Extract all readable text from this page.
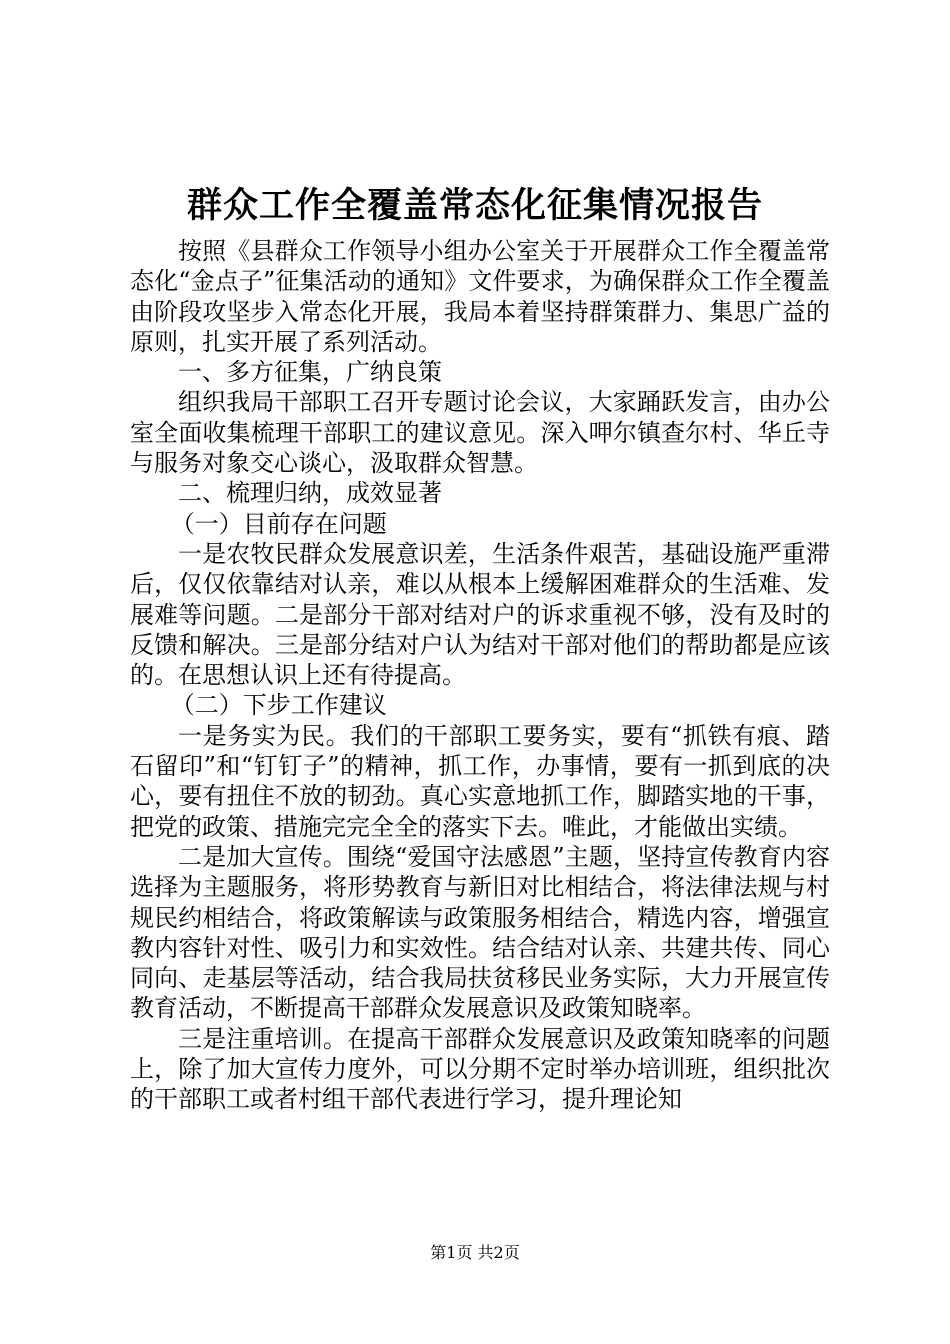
群众工作全覆盖常态化征集情况报告

按照《县群众工作领导小组办公室关于开展群众工作全覆盖常态化“金点子”征集活动的通知》文件要求，为确保群众工作全覆盖由阶段攻坚步入常态化开展，我局本着坚持群策群力、集思广益的原则，扎实开展了系列活动。

一、多方征集，广纳良策

组织我局干部职工召开专题讨论会议，大家踊跃发言，由办公室全面收集梳理干部职工的建议意见。深入呷尔镇查尔村、华丘寺与服务对象交心谈心，汲取群众智慧。

二、梳理归纳，成效显著

（一）目前存在问题

一是农牧民群众发展意识差，生活条件艰苦，基础设施严重滞后，仅仅依靠结对认亲，难以从根本上缓解困难群众的生活难、发展难等问题。二是部分干部对结对户的诉求重视不够，没有及时的反馈和解决。三是部分结对户认为结对干部对他们的帮助都是应该的。在思想认识上还有待提高。

（二）下步工作建议

一是务实为民。我们的干部职工要务实，要有“抓铁有痕、踏石留印”和“钉钉子”的精神，抓工作，办事情，要有一抓到底的决心，要有扭住不放的韧劲。真心实意地抓工作，脚踏实地的干事，把党的政策、措施完完全全的落实下去。唯此，才能做出实绩。

二是加大宣传。围绕“爱国守法感恩”主题，坚持宣传教育内容选择为主题服务，将形势教育与新旧对比相结合，将法律法规与村规民约相结合，将政策解读与政策服务相结合，精选内容，增强宣教内容针对性、吸引力和实效性。结合结对认亲、共建共传、同心同向、走基层等活动，结合我局扶贫移民业务实际，大力开展宣传教育活动，不断提高干部群众发展意识及政策知晓率。

三是注重培训。在提高干部群众发展意识及政策知晓率的问题上，除了加大宣传力度外，可以分期不定时举办培训班，组织批次的干部职工或者村组干部代表进行学习，提升理论知

第1页 共2页
